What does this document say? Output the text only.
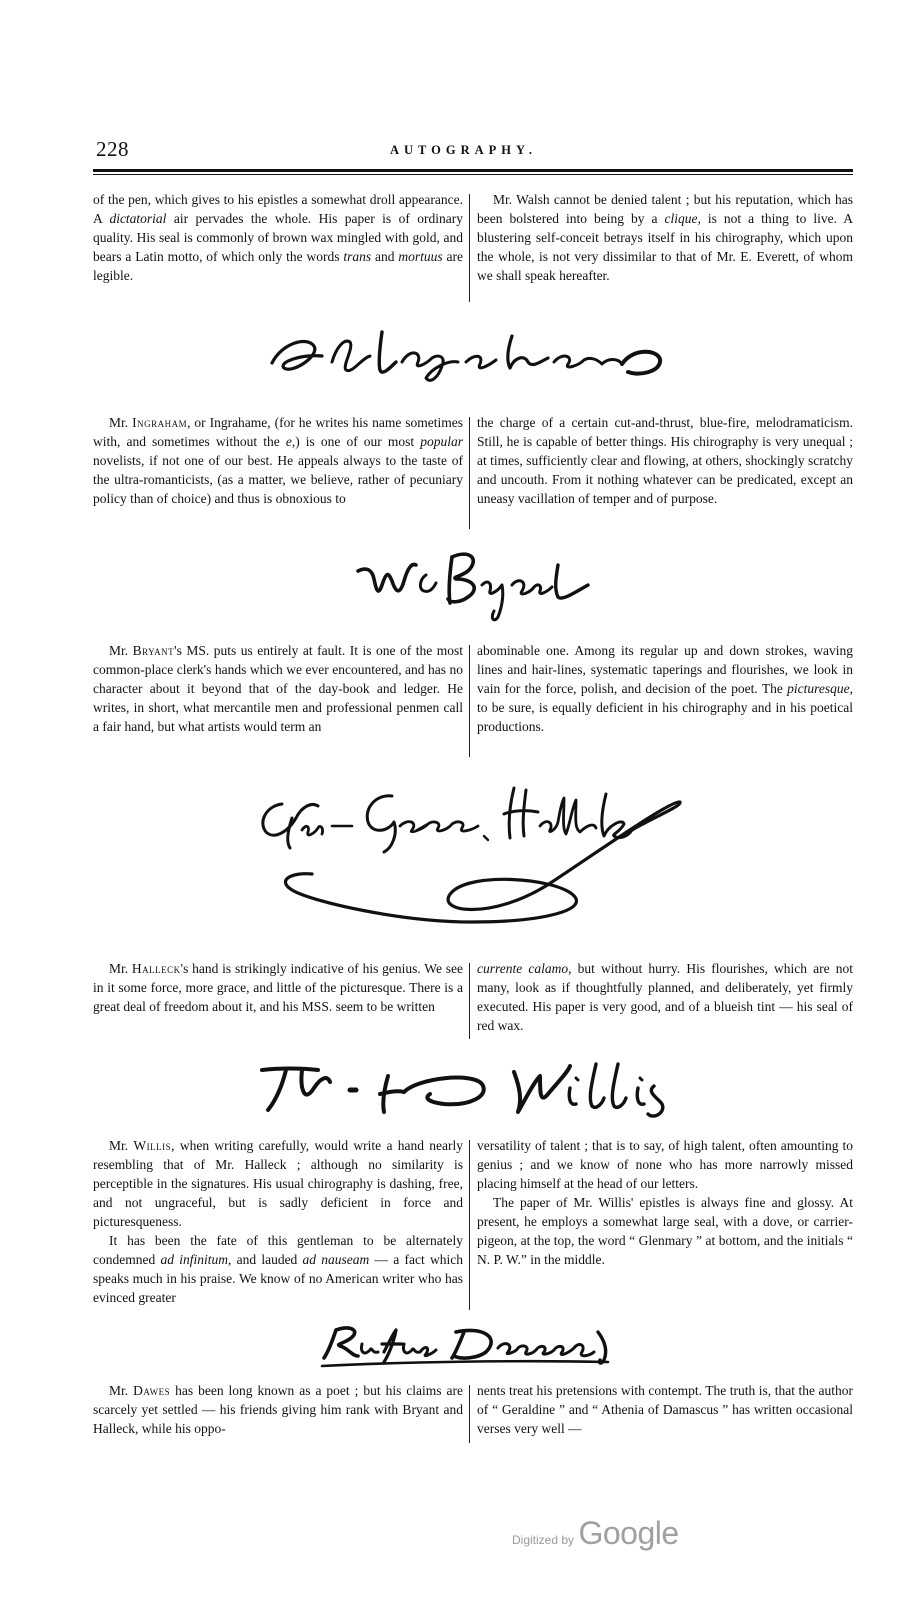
228	AUTOGRAPHY.

of the pen, which gives to his epistles a somewhat droll appearance. A dictatorial air pervades the whole. His paper is of ordinary quality. His seal is commonly of brown wax mingled with gold, and bears a Latin motto, of which only the words trans and mortuus are legible.

Mr. Walsh cannot be denied talent ; but his reputation, which has been bolstered into being by a clique, is not a thing to live. A blustering self-conceit betrays itself in his chirography, which upon the whole, is not very dissimilar to that of Mr. E. Everett, of whom we shall speak hereafter.

Mr. Ingraham, or Ingrahame, (for he writes his name sometimes with, and sometimes without the e,) is one of our most popular novelists, if not one of our best. He appeals always to the taste of the ultra-romanticists, (as a matter, we believe, rather of pecuniary policy than of choice) and thus is obnoxious to

the charge of a certain cut-and-thrust, blue-fire, melodramaticism. Still, he is capable of better things. His chirography is very unequal ; at times, sufficiently clear and flowing, at others, shockingly scratchy and uncouth. From it nothing whatever can be predicated, except an uneasy vacillation of temper and of purpose.

Mr. Bryant's MS. puts us entirely at fault. It is one of the most common-place clerk's hands which we ever encountered, and has no character about it beyond that of the day-book and ledger. He writes, in short, what mercantile men and professional penmen call a fair hand, but what artists would term an

abominable one. Among its regular up and down strokes, waving lines and hair-lines, systematic taperings and flourishes, we look in vain for the force, polish, and decision of the poet. The picturesque, to be sure, is equally deficient in his chirography and in his poetical productions.

Mr. Halleck's hand is strikingly indicative of his genius. We see in it some force, more grace, and little of the picturesque. There is a great deal of freedom about it, and his MSS. seem to be written

currente calamo, but without hurry. His flourishes, which are not many, look as if thoughtfully planned, and deliberately, yet firmly executed. His paper is very good, and of a blueish tint — his seal of red wax.

Mr. Willis, when writing carefully, would write a hand nearly resembling that of Mr. Halleck ; although no similarity is perceptible in the signatures. His usual chirography is dashing, free, and not ungraceful, but is sadly deficient in force and picturesqueness.

It has been the fate of this gentleman to be alternately condemned ad infinitum, and lauded ad nauseam — a fact which speaks much in his praise. We know of no American writer who has evinced greater

versatility of talent ; that is to say, of high talent, often amounting to genius ; and we know of none who has more narrowly missed placing himself at the head of our letters.

The paper of Mr. Willis' epistles is always fine and glossy. At present, he employs a somewhat large seal, with a dove, or carrier-pigeon, at the top, the word “ Glenmary ” at bottom, and the initials “ N. P. W.” in the middle.

Mr. Dawes has been long known as a poet ; but his claims are scarcely yet settled — his friends giving him rank with Bryant and Halleck, while his oppo-

nents treat his pretensions with contempt. The truth is, that the author of “ Geraldine ” and “ Athenia of Damascus ” has written occasional verses very well —

Digitized by Google
